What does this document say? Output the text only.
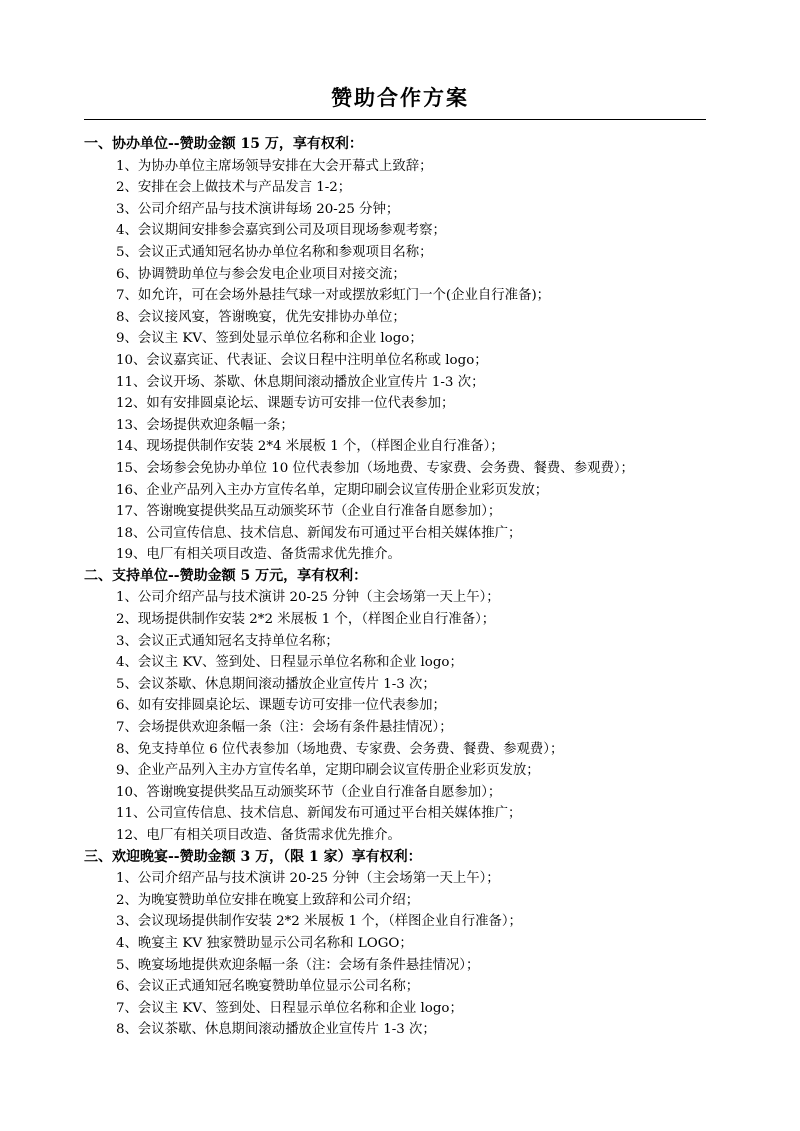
赞助合作方案
一、协办单位--赞助金额 15 万，享有权利：
1、为协办单位主席场领导安排在大会开幕式上致辞；
2、安排在会上做技术与产品发言 1-2；
3、公司介绍产品与技术演讲每场 20-25 分钟；
4、会议期间安排参会嘉宾到公司及项目现场参观考察；
5、会议正式通知冠名协办单位名称和参观项目名称；
6、协调赞助单位与参会发电企业项目对接交流；
7、如允许，可在会场外悬挂气球一对或摆放彩虹门一个(企业自行准备)；
8、会议接风宴，答谢晚宴，优先安排协办单位；
9、会议主 KV、签到处显示单位名称和企业 logo；
10、会议嘉宾证、代表证、会议日程中注明单位名称或 logo；
11、会议开场、茶歇、休息期间滚动播放企业宣传片 1-3 次；
12、如有安排圆桌论坛、课题专访可安排一位代表参加；
13、会场提供欢迎条幅一条；
14、现场提供制作安装 2*4 米展板 1 个，（样图企业自行准备）；
15、会场参会免协办单位 10 位代表参加（场地费、专家费、会务费、餐费、参观费）；
16、企业产品列入主办方宣传名单，定期印刷会议宣传册企业彩页发放；
17、答谢晚宴提供奖品互动颁奖环节（企业自行准备自愿参加）；
18、公司宣传信息、技术信息、新闻发布可通过平台相关媒体推广；
19、电厂有相关项目改造、备货需求优先推介。
二、支持单位--赞助金额 5 万元，享有权利：
1、公司介绍产品与技术演讲 20-25 分钟（主会场第一天上午）；
2、现场提供制作安装 2*2 米展板 1 个，（样图企业自行准备）；
3、会议正式通知冠名支持单位名称；
4、会议主 KV、签到处、日程显示单位名称和企业 logo；
5、会议茶歇、休息期间滚动播放企业宣传片 1-3 次；
6、如有安排圆桌论坛、课题专访可安排一位代表参加；
7、会场提供欢迎条幅一条（注：会场有条件悬挂情况）；
8、免支持单位 6 位代表参加（场地费、专家费、会务费、餐费、参观费）；
9、企业产品列入主办方宣传名单，定期印刷会议宣传册企业彩页发放；
10、答谢晚宴提供奖品互动颁奖环节（企业自行准备自愿参加）；
11、公司宣传信息、技术信息、新闻发布可通过平台相关媒体推广；
12、电厂有相关项目改造、备货需求优先推介。
三、欢迎晚宴--赞助金额 3 万，（限 1 家）享有权利：
1、公司介绍产品与技术演讲 20-25 分钟（主会场第一天上午）；
2、为晚宴赞助单位安排在晚宴上致辞和公司介绍；
3、会议现场提供制作安装 2*2 米展板 1 个，（样图企业自行准备）；
4、晚宴主 KV 独家赞助显示公司名称和 LOGO；
5、晚宴场地提供欢迎条幅一条（注：会场有条件悬挂情况）；
6、会议正式通知冠名晚宴赞助单位显示公司名称；
7、会议主 KV、签到处、日程显示单位名称和企业 logo；
8、会议茶歇、休息期间滚动播放企业宣传片 1-3 次；
